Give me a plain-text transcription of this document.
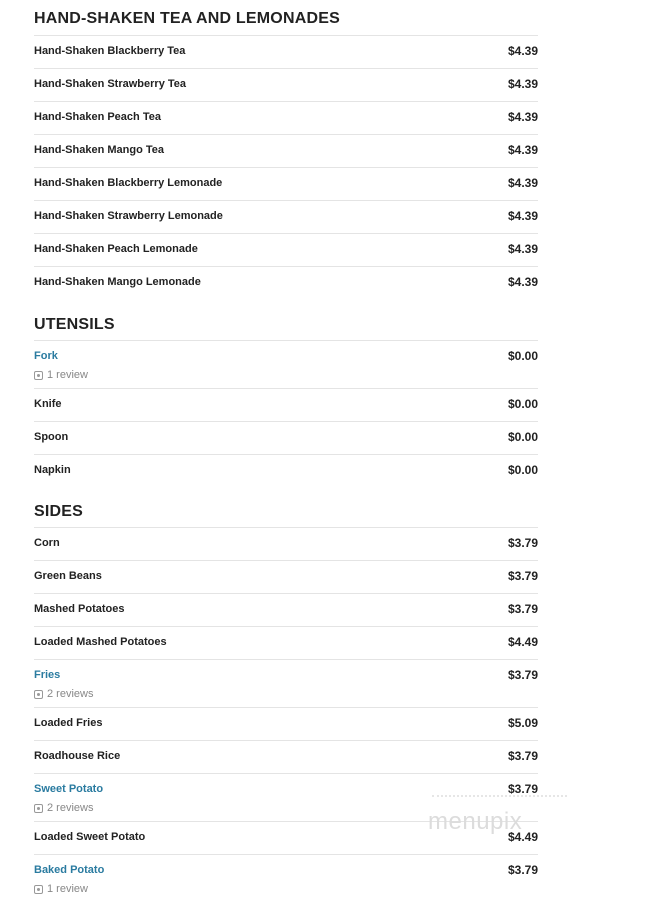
HAND-SHAKEN TEA AND LEMONADES
Hand-Shaken Blackberry Tea	$4.39
Hand-Shaken Strawberry Tea	$4.39
Hand-Shaken Peach Tea	$4.39
Hand-Shaken Mango Tea	$4.39
Hand-Shaken Blackberry Lemonade	$4.39
Hand-Shaken Strawberry Lemonade	$4.39
Hand-Shaken Peach Lemonade	$4.39
Hand-Shaken Mango Lemonade	$4.39
UTENSILS
Fork	$0.00
1 review
Knife	$0.00
Spoon	$0.00
Napkin	$0.00
SIDES
Corn	$3.79
Green Beans	$3.79
Mashed Potatoes	$3.79
Loaded Mashed Potatoes	$4.49
Fries	$3.79
2 reviews
Loaded Fries	$5.09
Roadhouse Rice	$3.79
Sweet Potato	$3.79
2 reviews
Loaded Sweet Potato	$4.49
Baked Potato	$3.79
1 review
menupix
